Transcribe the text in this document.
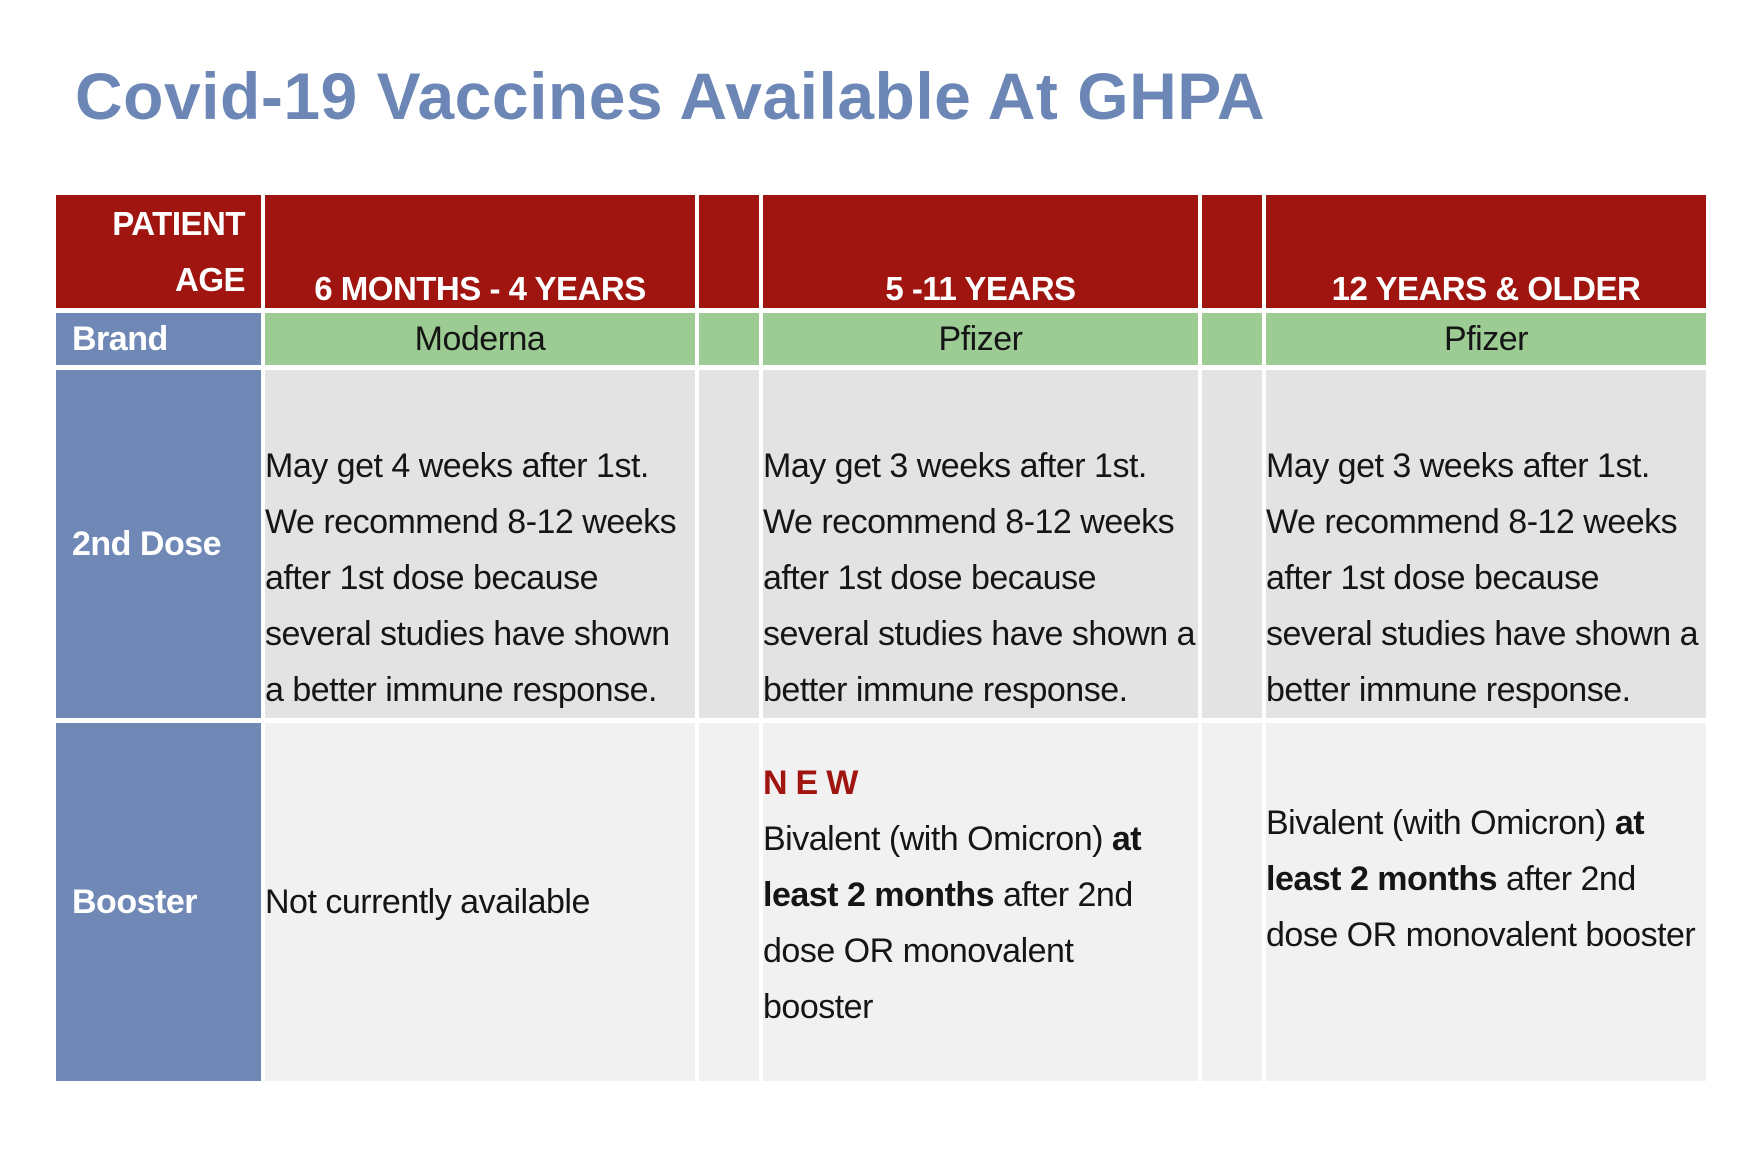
Covid-19 Vaccines Available At GHPA
PATIENT
AGE	6 MONTHS - 4 YEARS		5 -11 YEARS		12 YEARS & OLDER
Brand	Moderna		Pfizer		Pfizer
2nd Dose	May get 4 weeks after 1st.
We recommend 8-12 weeks
after 1st dose because
several studies have shown
a better immune response.		May get 3 weeks after 1st.
We recommend 8-12 weeks
after 1st dose because
several studies have shown a
better immune response.		May get 3 weeks after 1st.
We recommend 8-12 weeks
after 1st dose because
several studies have shown a
better immune response.
Booster	Not currently available		NEW
Bivalent (with Omicron) at
least 2 months after 2nd
dose OR monovalent
booster		Bivalent (with Omicron) at
least 2 months after 2nd
dose OR monovalent booster
